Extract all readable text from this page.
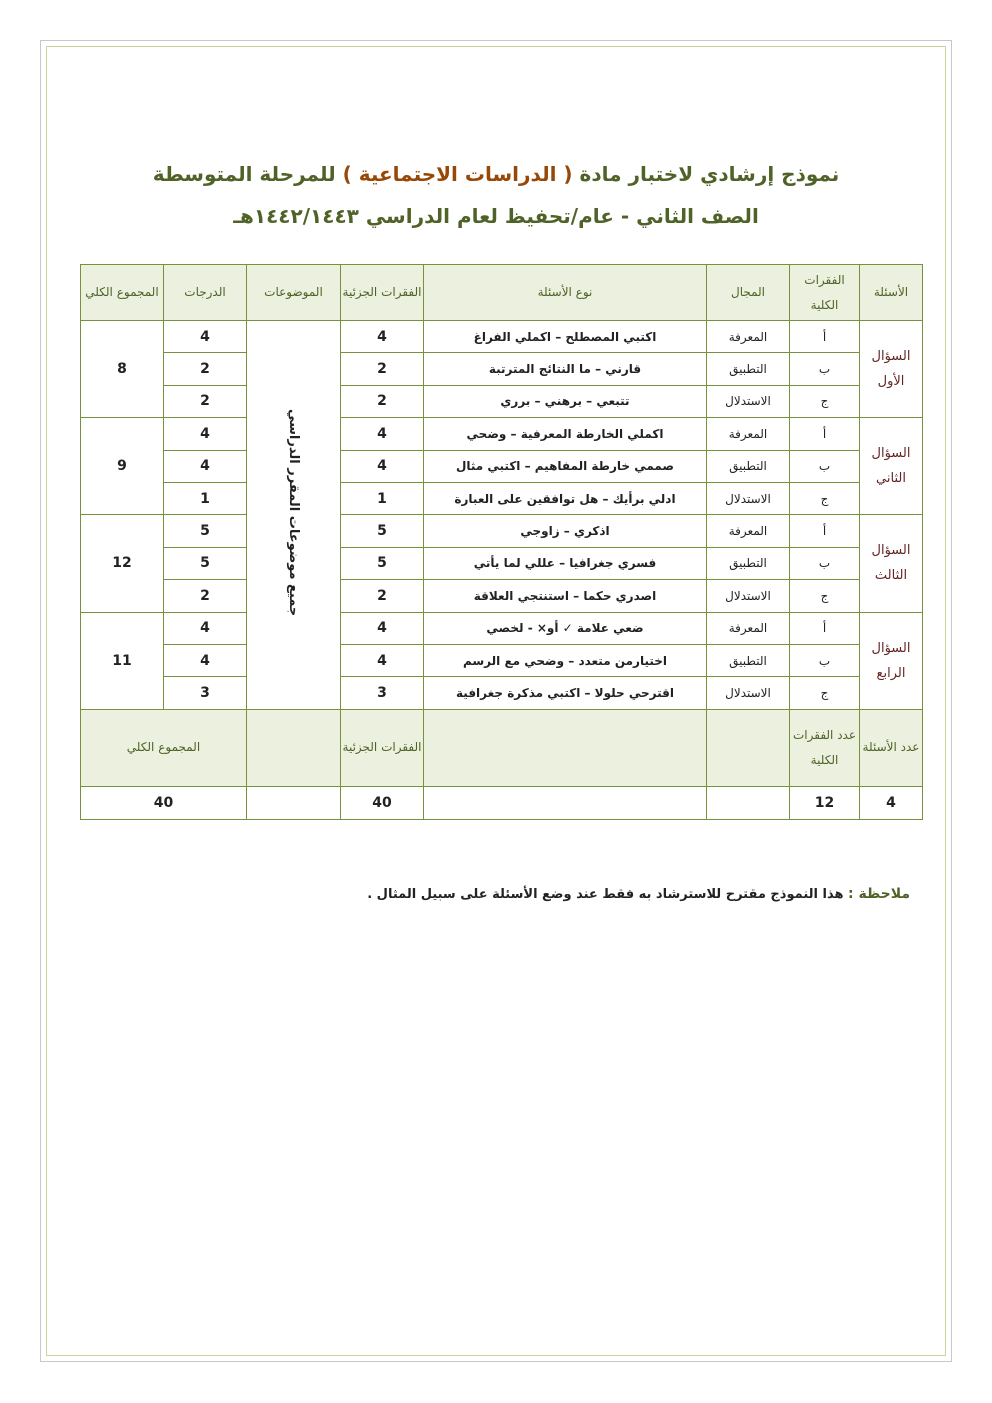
نموذج إرشادي لاختبار مادة ( الدراسات الاجتماعية ) للمرحلة المتوسطة
الصف الثاني - عام/تحفيظ لعام الدراسي ١٤٤٢/١٤٤٣هـ
الأسئلة	الفقرات الكلية	المجال	نوع الأسئلة	الفقرات الجزئية	الموضوعات	الدرجات	المجموع الكلي
السؤال الأول	أ	المعرفة	اكتبي المصطلح – اكملي الفراغ	4	جميع موضوعات المقرر الدراسي	4	8
	ب	التطبيق	قارني – ما النتائج المترتبة	2		2	
	ج	الاستدلال	تتبعي – برهني – برري	2		2	
السؤال الثاني	أ	المعرفة	اكملي الخارطة المعرفية – وضحي	4		4	9
	ب	التطبيق	صممي خارطة المفاهيم – اكتبي مثال	4		4	
	ج	الاستدلال	ادلي برأيك – هل توافقين على العبارة	1		1	
السؤال الثالث	أ	المعرفة	اذكري – زاوجي	5		5	12
	ب	التطبيق	فسري جغرافيا – عللي لما يأتي	5		5	
	ج	الاستدلال	اصدري حكما – استنتجي العلاقة	2		2	
السؤال الرابع	أ	المعرفة	ضعي علامة ✓ أو× - لخصي	4		4	11
	ب	التطبيق	اختيارمن متعدد – وضحي مع الرسم	4		4	
	ج	الاستدلال	اقترحي حلولا – اكتبي مذكرة جغرافية	3		3	
عدد الأسئلة	عدد الفقرات الكلية			الفقرات الجزئية		المجموع الكلي	
4	12			40		40	
ملاحظة : هذا النموذج مقترح للاسترشاد به فقط عند وضع الأسئلة على سبيل المثال .
